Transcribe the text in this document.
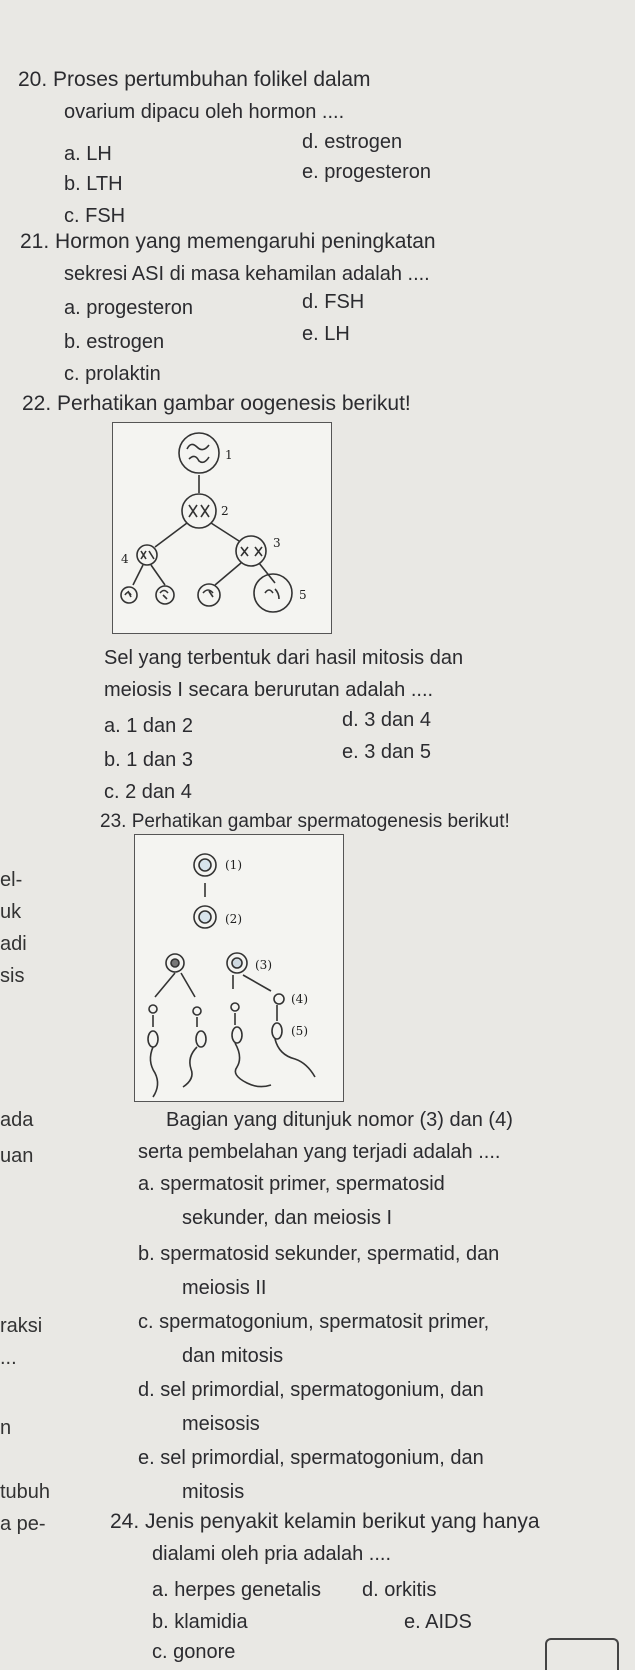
20. Proses pertumbuhan folikel dalam
ovarium dipacu oleh hormon ....
a. LH
b. LTH
c. FSH
d. estrogen
e. progesteron
21. Hormon yang memengaruhi peningkatan
sekresi ASI di masa kehamilan adalah ....
a. progesteron
b. estrogen
c. prolaktin
d. FSH
e. LH
22. Perhatikan gambar oogenesis berikut!
1
2
3
4
5
Sel yang terbentuk dari hasil mitosis dan
meiosis I secara berurutan adalah ....
a. 1 dan 2
b. 1 dan 3
c. 2 dan 4
d. 3 dan 4
e. 3 dan 5
23. Perhatikan gambar spermatogenesis berikut!
(1)
(2)
(3)
(4)
(5)
Bagian yang ditunjuk nomor (3) dan (4)
serta pembelahan yang terjadi adalah ....
a. spermatosit primer, spermatosid
sekunder, dan meiosis I
b. spermatosid sekunder, spermatid, dan
meiosis II
c. spermatogonium, spermatosit primer,
dan mitosis
d. sel primordial, spermatogonium, dan
meisosis
e. sel primordial, spermatogonium, dan
mitosis
24. Jenis penyakit kelamin berikut yang hanya
dialami oleh pria adalah ....
a. herpes genetalis
b. klamidia
c. gonore
d. orkitis
e. AIDS
el-
uk
adi
sis
ada
uan
raksi
...
n
tubuh
a pe-
